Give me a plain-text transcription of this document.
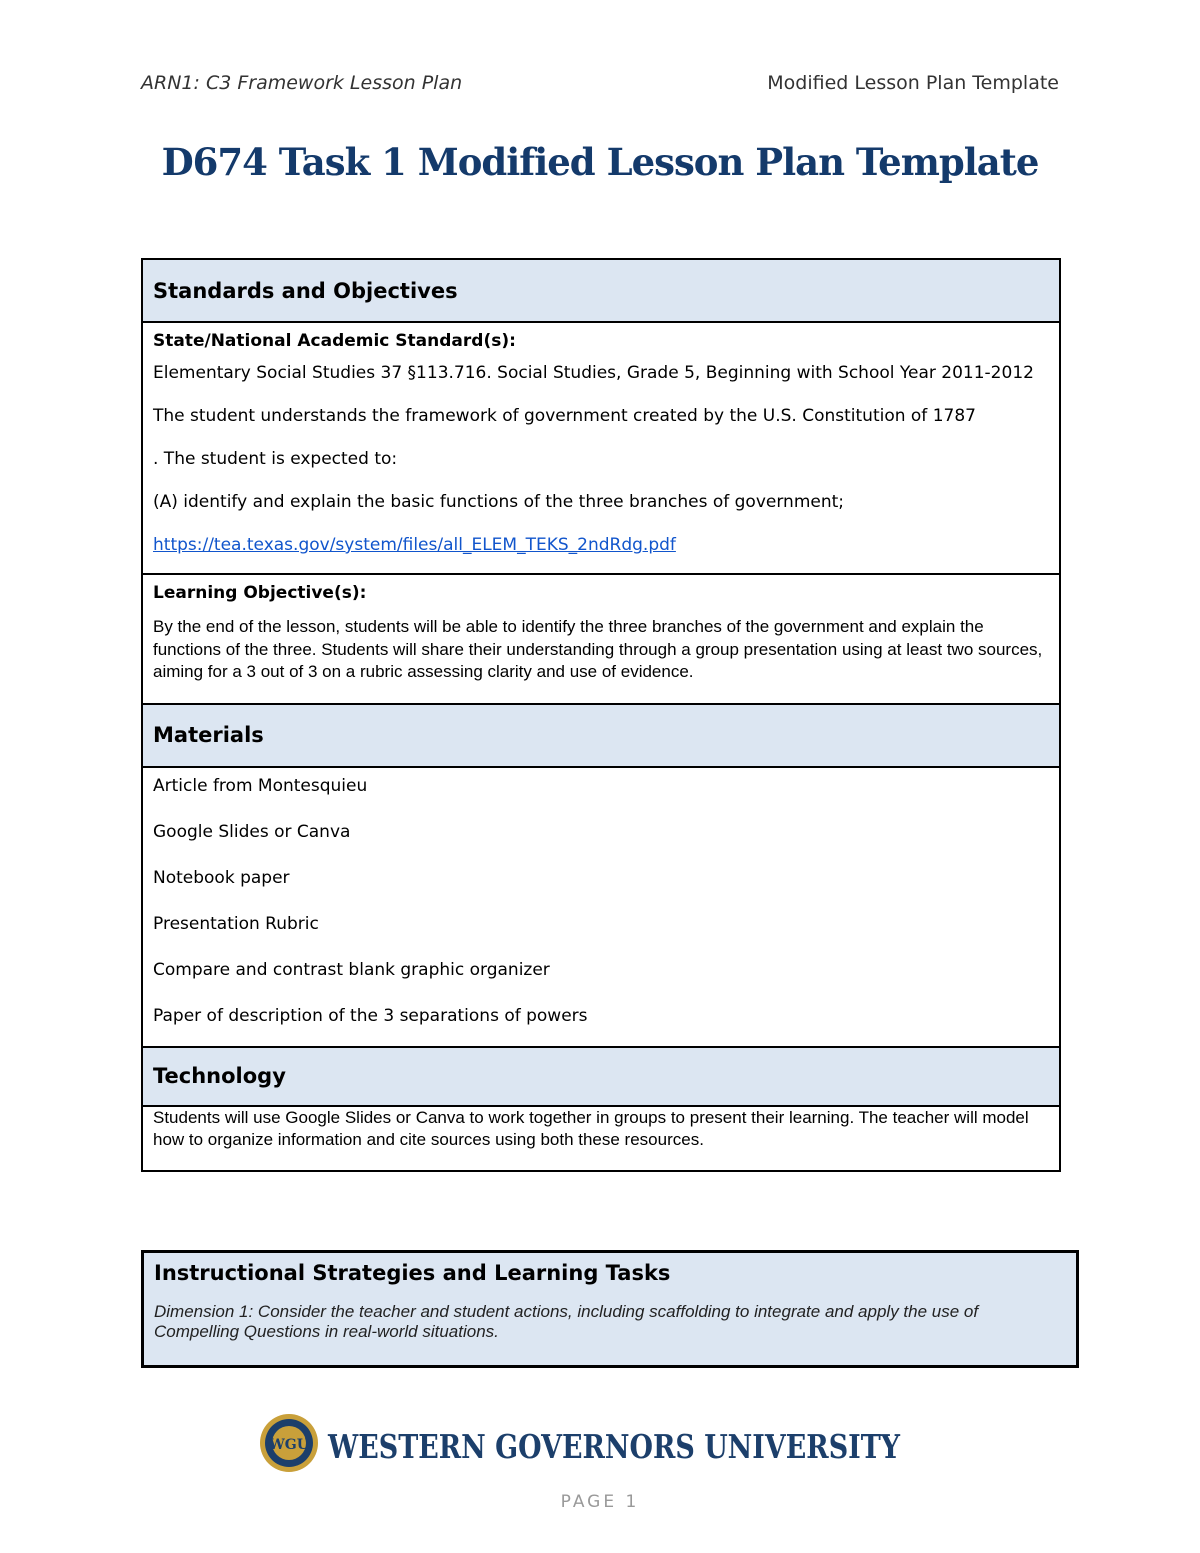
ARN1: C3 Framework Lesson Plan	Modified Lesson Plan Template
D674 Task 1 Modified Lesson Plan Template
Standards and Objectives

State/National Academic Standard(s):
Elementary Social Studies 37 §113.716. Social Studies, Grade 5, Beginning with School Year 2011-2012
The student understands the framework of government created by the U.S. Constitution of 1787
. The student is expected to:
(A) identify and explain the basic functions of the three branches of government;
https://tea.texas.gov/system/files/all_ELEM_TEKS_2ndRdg.pdf

Learning Objective(s):
By the end of the lesson, students will be able to identify the three branches of the government and explain the functions of the three. Students will share their understanding through a group presentation using at least two sources, aiming for a 3 out of 3 on a rubric assessing clarity and use of evidence.

Materials

Article from Montesquieu
Google Slides or Canva
Notebook paper
Presentation Rubric
Compare and contrast blank graphic organizer
Paper of description of the 3 separations of powers

Technology

Students will use Google Slides or Canva to work together in groups to present their learning. The teacher will model how to organize information and cite sources using both these resources.
Instructional Strategies and Learning Tasks
Dimension 1: Consider the teacher and student actions, including scaffolding to integrate and apply the use of Compelling Questions in real-world situations.
WGU WESTERN GOVERNORS UNIVERSITY
PAGE 1
